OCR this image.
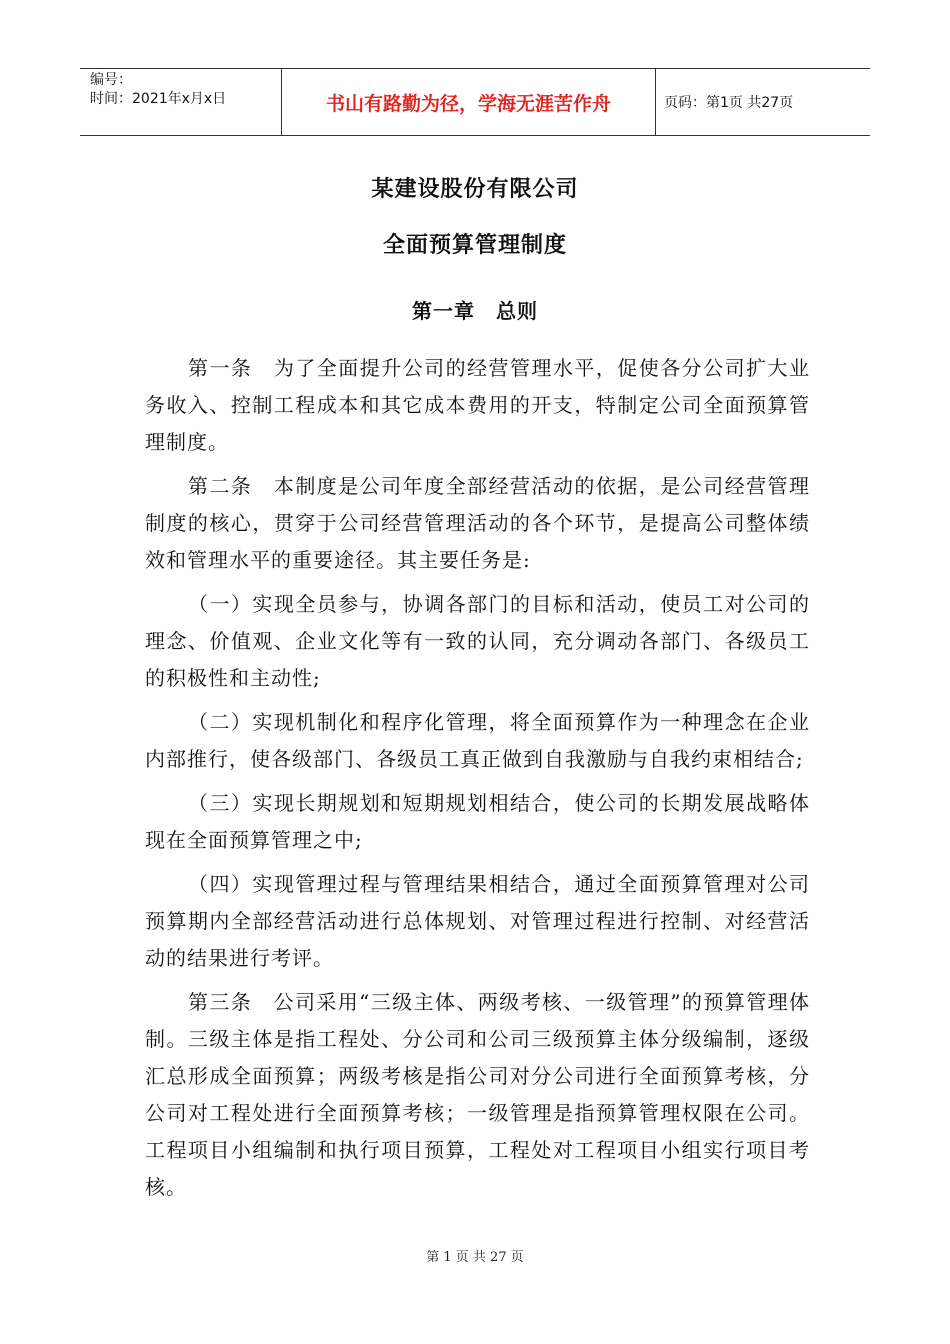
编号：
时间：2021年x月x日	书山有路勤为径，学海无涯苦作舟	页码：第1页 共27页
某建设股份有限公司
全面预算管理制度
第一章　总则

第一条　为了全面提升公司的经营管理水平，促使各分公司扩大业务收入、控制工程成本和其它成本费用的开支，特制定公司全面预算管理制度。

第二条　本制度是公司年度全部经营活动的依据，是公司经营管理制度的核心，贯穿于公司经营管理活动的各个环节，是提高公司整体绩效和管理水平的重要途径。其主要任务是:

（一）实现全员参与，协调各部门的目标和活动，使员工对公司的理念、价值观、企业文化等有一致的认同，充分调动各部门、各级员工的积极性和主动性;

（二）实现机制化和程序化管理，将全面预算作为一种理念在企业内部推行，使各级部门、各级员工真正做到自我激励与自我约束相结合;

（三）实现长期规划和短期规划相结合，使公司的长期发展战略体现在全面预算管理之中;

（四）实现管理过程与管理结果相结合，通过全面预算管理对公司预算期内全部经营活动进行总体规划、对管理过程进行控制、对经营活动的结果进行考评。

第三条　公司采用“三级主体、两级考核、一级管理”的预算管理体制。三级主体是指工程处、分公司和公司三级预算主体分级编制，逐级汇总形成全面预算；两级考核是指公司对分公司进行全面预算考核，分公司对工程处进行全面预算考核；一级管理是指预算管理权限在公司。工程项目小组编制和执行项目预算，工程处对工程项目小组实行项目考核。

第 1 页 共 27 页
